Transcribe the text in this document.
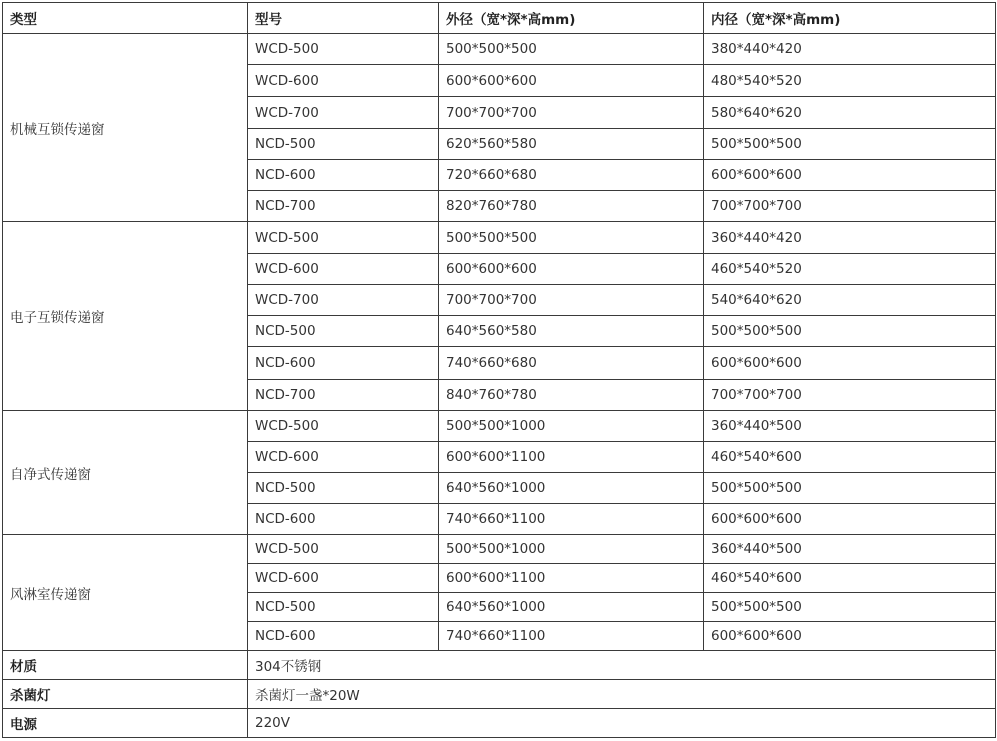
类型	型号	外径（宽*深*高mm)	内径（宽*深*高mm)
机械互锁传递窗	WCD-500	500*500*500	380*440*420
	WCD-600	600*600*600	480*540*520
	WCD-700	700*700*700	580*640*620
	NCD-500	620*560*580	500*500*500
	NCD-600	720*660*680	600*600*600
	NCD-700	820*760*780	700*700*700
电子互锁传递窗	WCD-500	500*500*500	360*440*420
	WCD-600	600*600*600	460*540*520
	WCD-700	700*700*700	540*640*620
	NCD-500	640*560*580	500*500*500
	NCD-600	740*660*680	600*600*600
	NCD-700	840*760*780	700*700*700
自净式传递窗	WCD-500	500*500*1000	360*440*500
	WCD-600	600*600*1100	460*540*600
	NCD-500	640*560*1000	500*500*500
	NCD-600	740*660*1100	600*600*600
风淋室传递窗	WCD-500	500*500*1000	360*440*500
	WCD-600	600*600*1100	460*540*600
	NCD-500	640*560*1000	500*500*500
	NCD-600	740*660*1100	600*600*600
材质	304不锈钢		
杀菌灯	杀菌灯一盏*20W		
电源	220V		
